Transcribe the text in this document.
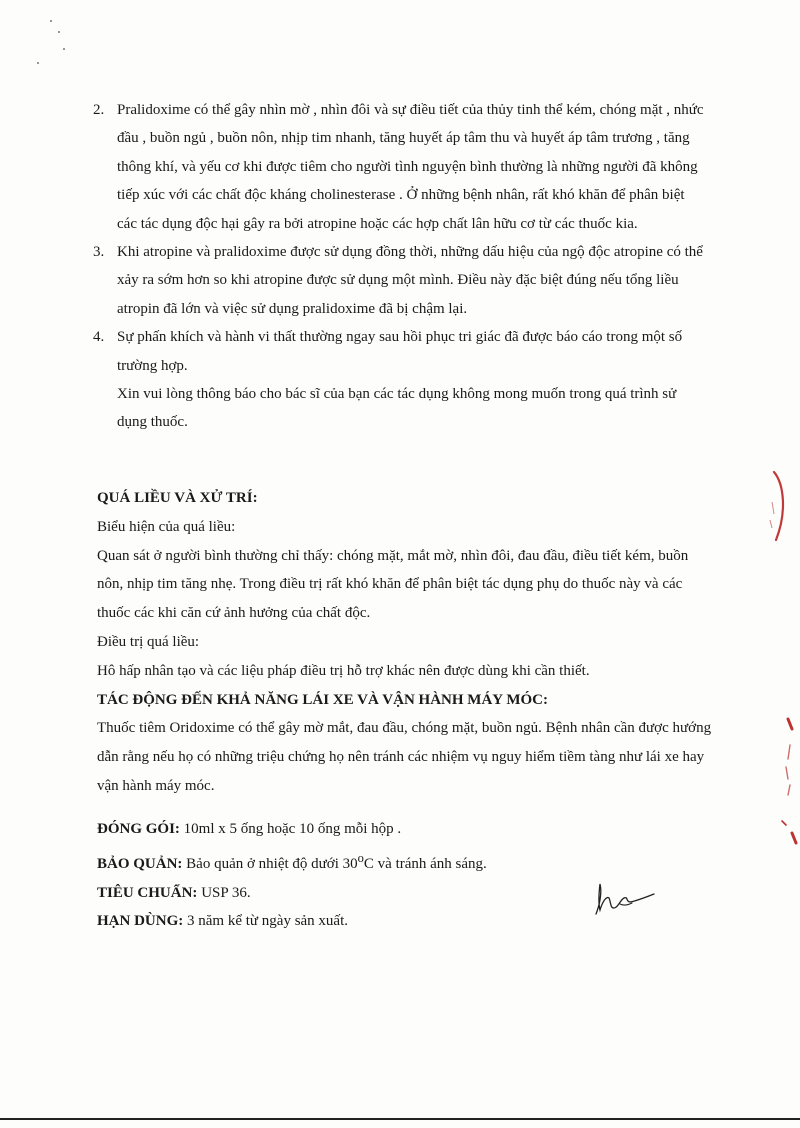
2. Pralidoxime có thể gây nhìn mờ , nhìn đôi và sự điều tiết của thủy tinh thể kém, chóng mặt , nhức đầu , buồn ngủ , buồn nôn, nhịp tim nhanh, tăng huyết áp tâm thu và huyết áp tâm trương , tăng thông khí, và yếu cơ khi được tiêm cho người tình nguyện bình thường là những người đã không tiếp xúc với các chất độc kháng cholinesterase . Ở những bệnh nhân, rất khó khăn để phân biệt các tác dụng độc hại gây ra bởi atropine hoặc các hợp chất lân hữu cơ từ các thuốc kia.
3. Khi atropine và pralidoxime được sử dụng đồng thời, những dấu hiệu của ngộ độc atropine có thể xảy ra sớm hơn so khi atropine được sử dụng một mình. Điều này đặc biệt đúng nếu tổng liều atropin đã lớn và việc sử dụng pralidoxime đã bị chậm lại.
4. Sự phấn khích và hành vi thất thường ngay sau hồi phục tri giác đã được báo cáo trong một số trường hợp.
Xin vui lòng thông báo cho bác sĩ của bạn các tác dụng không mong muốn trong quá trình sử dụng thuốc.
QUÁ LIỀU VÀ XỬ TRÍ:

Biểu hiện của quá liều:

Quan sát ở người bình thường chỉ thấy: chóng mặt, mắt mờ, nhìn đôi, đau đầu, điều tiết kém, buồn nôn, nhịp tim tăng nhẹ. Trong điều trị rất khó khăn để phân biệt tác dụng phụ do thuốc này và các thuốc các khi căn cứ ảnh hưởng của chất độc.

Điều trị quá liều:

Hô hấp nhân tạo và các liệu pháp điều trị hỗ trợ khác nên được dùng khi cần thiết.

TÁC ĐỘNG ĐẾN KHẢ NĂNG LÁI XE VÀ VẬN HÀNH MÁY MÓC:

Thuốc tiêm Oridoxime có thể gây mờ mắt, đau đầu, chóng mặt, buồn ngủ. Bệnh nhân cần được hướng dẫn rằng nếu họ có những triệu chứng họ nên tránh các nhiệm vụ nguy hiểm tiềm tàng như lái xe hay vận hành máy móc.

ĐÓNG GÓI: 10ml x 5 ống hoặc 10 ống mỗi hộp .

BẢO QUẢN: Bảo quản ở nhiệt độ dưới 30$^o$C và tránh ánh sáng.

TIÊU CHUẨN: USP 36.

HẠN DÙNG: 3 năm kể từ ngày sản xuất.
